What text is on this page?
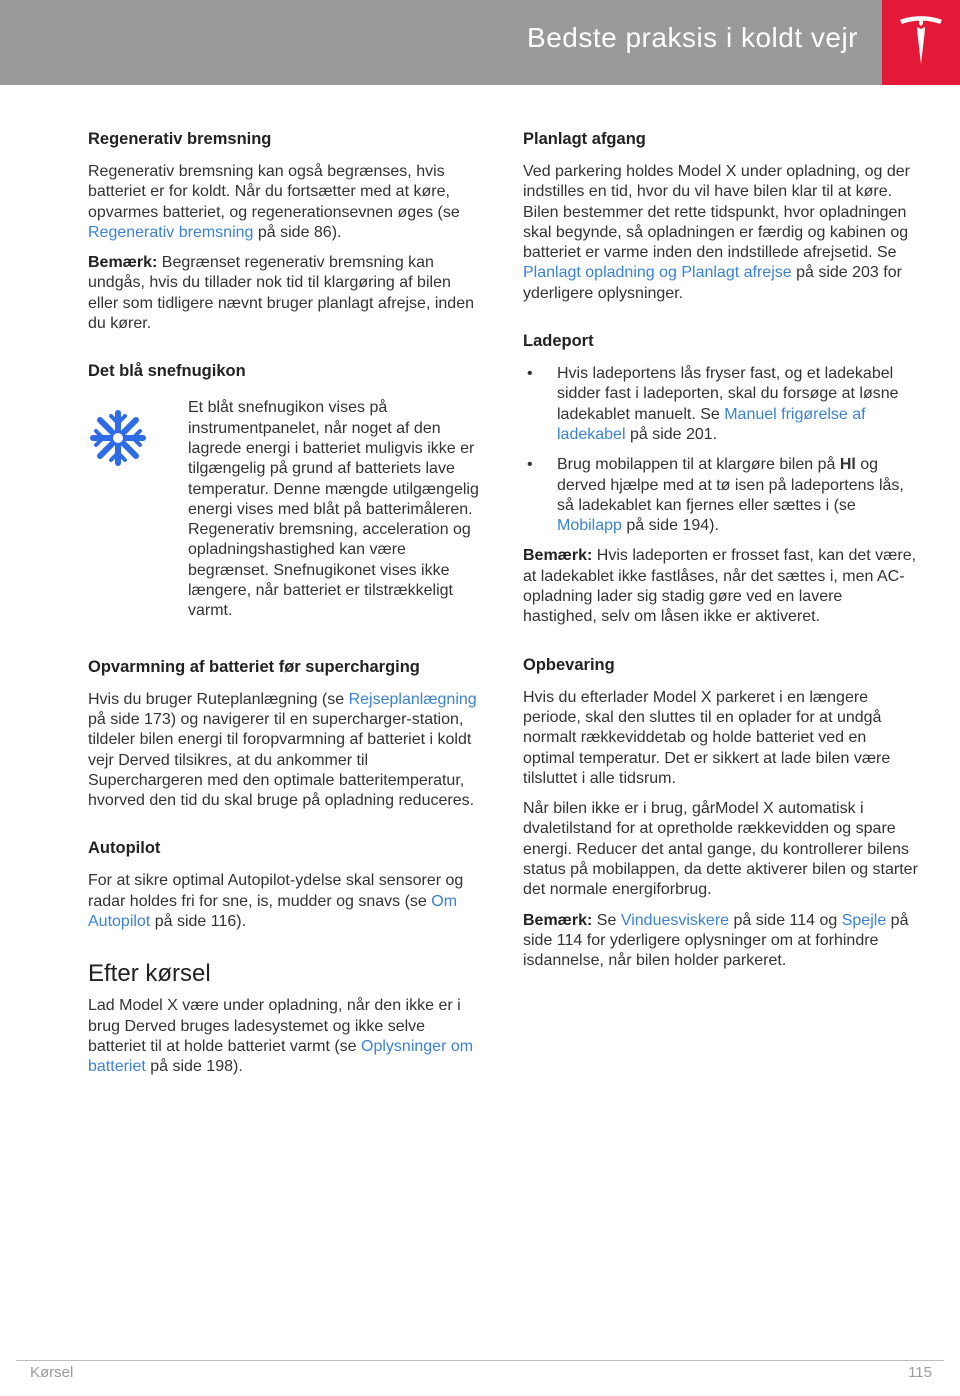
Bedste praksis i koldt vejr
Regenerativ bremsning

Regenerativ bremsning kan også begrænses, hvis batteriet er for koldt. Når du fortsætter med at køre, opvarmes batteriet, og regenerationsevnen øges (se Regenerativ bremsning på side 86).

Bemærk: Begrænset regenerativ bremsning kan undgås, hvis du tillader nok tid til klargøring af bilen eller som tidligere nævnt bruger planlagt afrejse, inden du kører.

Det blå snefnugikon

Et blåt snefnugikon vises på instrumentpanelet, når noget af den lagrede energi i batteriet muligvis ikke er tilgængelig på grund af batteriets lave temperatur. Denne mængde utilgængelig energi vises med blåt på batterimåleren. Regenerativ bremsning, acceleration og opladningshastighed kan være begrænset. Snefnugikonet vises ikke længere, når batteriet er tilstrækkeligt varmt.

Opvarmning af batteriet før supercharging

Hvis du bruger Ruteplanlægning (se Rejseplanlægning på side 173) og navigerer til en supercharger-station, tildeler bilen energi til foropvarmning af batteriet i koldt vejr Derved tilsikres, at du ankommer til Superchargeren med den optimale batteritemperatur, hvorved den tid du skal bruge på opladning reduceres.

Autopilot

For at sikre optimal Autopilot-ydelse skal sensorer og radar holdes fri for sne, is, mudder og snavs (se Om Autopilot på side 116).

Efter kørsel

Lad Model X være under opladning, når den ikke er i brug Derved bruges ladesystemet og ikke selve batteriet til at holde batteriet varmt (se Oplysninger om batteriet på side 198).

Planlagt afgang

Ved parkering holdes Model X under opladning, og der indstilles en tid, hvor du vil have bilen klar til at køre. Bilen bestemmer det rette tidspunkt, hvor opladningen skal begynde, så opladningen er færdig og kabinen og batteriet er varme inden den indstillede afrejsetid. Se Planlagt opladning og Planlagt afrejse på side 203 for yderligere oplysninger.

Ladeport
• Hvis ladeportens lås fryser fast, og et ladekabel sidder fast i ladeporten, skal du forsøge at løsne ladekablet manuelt. Se Manuel frigørelse af ladekabel på side 201.
• Brug mobilappen til at klargøre bilen på Hl og derved hjælpe med at tø isen på ladeportens lås, så ladekablet kan fjernes eller sættes i (se Mobilapp på side 194).

Bemærk: Hvis ladeporten er frosset fast, kan det være, at ladekablet ikke fastlåses, når det sættes i, men AC-opladning lader sig stadig gøre ved en lavere hastighed, selv om låsen ikke er aktiveret.

Opbevaring

Hvis du efterlader Model X parkeret i en længere periode, skal den sluttes til en oplader for at undgå normalt rækkeviddetab og holde batteriet ved en optimal temperatur. Det er sikkert at lade bilen være tilsluttet i alle tidsrum.

Når bilen ikke er i brug, gårModel X automatisk i dvaletilstand for at opretholde rækkevidden og spare energi. Reducer det antal gange, du kontrollerer bilens status på mobilappen, da dette aktiverer bilen og starter det normale energiforbrug.

Bemærk: Se Vinduesviskere på side 114 og Spejle på side 114 for yderligere oplysninger om at forhindre isdannelse, når bilen holder parkeret.

Kørsel	115
